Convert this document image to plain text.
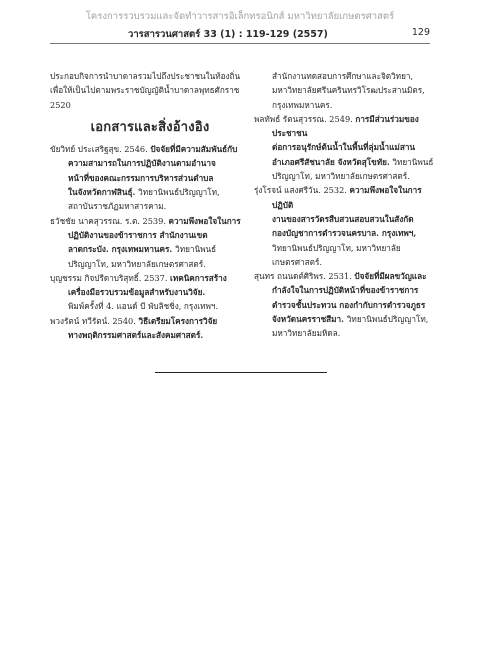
โครงการรวบรวมและจัดทำวารสารอิเล็กทรอนิกส์ มหาวิทยาลัยเกษตรศาสตร์
วารสารวนศาสตร์ 33 (1) : 119-129 (2557)	129

ประกอบกิจการนำบาดาลรวมไปถึงประชาชนในท้องถิ่น
เพื่อให้เป็นไปตามพระราชบัญญัติน้ำบาดาลพุทธศักราช
2520

เอกสารและสิ่งอ้างอิง

ขัยวิทย์ ประเสริฐสุข. 2546. ปัจจัยที่มีความสัมพันธ์กับ
ความสามารถในการปฏิบัติงานตามอำนาจ
หน้าที่ของคณะกรรมการบริหารส่วนตำบล
ในจังหวัดกาฬสินธุ์. วิทยานิพนธ์ปริญญาโท,
สถาบันราชภัฏมหาสารคาม.

ธวัชชัย นาคสุวรรณ. ร.ต. 2539. ความพึงพอใจในการ
ปฏิบัติงานของข้าราชการ สำนักงานเขต
ลาดกระบัง. กรุงเทพมหานคร. วิทยานิพนธ์
ปริญญาโท, มหาวิทยาลัยเกษตรศาสตร์.

บุญชรรม กิจปรีดาบริสุทธิ์. 2537. เทคนิคการสร้าง
เครื่องมือรวบรวมข้อมูลสำหรับงานวิจัย.
พิมพ์ครั้งที่ 4. แอนด์ บี พับลิชชิ่ง, กรุงเทพฯ.

พวงรัตน์ ทวีรัตน์. 2540. วิธีเตรียมโครงการวิจัย
ทางพฤติกรรมศาสตร์และสังคมศาสตร์.

สำนักงานทดสอบการศึกษาและจิตวิทยา,
มหาวิทยาลัยศรีนครินทรวิโรฒประสานมิตร,
กรุงเทพมหานคร.

พลทัพธ์ รัตนสุวรรณ. 2549. การมีส่วนร่วมของประชาชน
ต่อการอนุรักษ์ต้นน้ำในพื้นที่ลุ่มน้ำแม่สาน
อำเภอศรีสัชนาลัย จังหวัดสุโขทัย. วิทยานิพนธ์
ปริญญาโท, มหาวิทยาลัยเกษตรศาสตร์.

รุ่งโรจน์ แสงศรีวัน. 2532. ความพึงพอใจในการปฏิบัติ
งานของสารวัตรสืบสวนสอบสวนในสังกัด
กองบัญชาการตำรวจนครบาล. กรุงเทพฯ,
วิทยานิพนธ์ปริญญาโท, มหาวิทยาลัย
เกษตรศาสตร์.

สุนทร ถนนดต์ศิริพร. 2531. ปัจจัยที่มีผลขวัญและ
กำลังใจในการปฏิบัติหน้าที่ของข้าราชการ
ตำรวจชั้นประทวน กองกำกับการตำรวจภูธร
จังหวัดนครราชสีมา. วิทยานิพนธ์ปริญญาโท,
มหาวิทยาลัยมหิดล.
